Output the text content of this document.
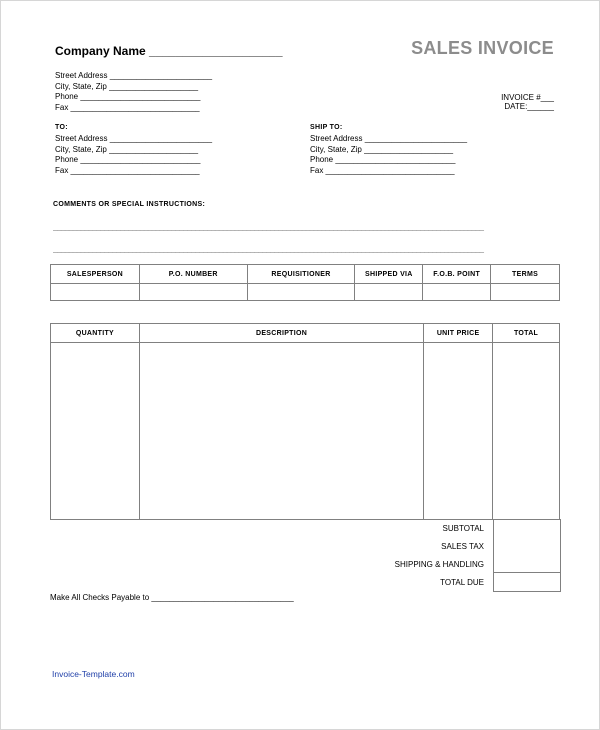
Company Name ____________________	SALES INVOICE
Street Address _______________________
City, State, Zip ____________________
Phone ___________________________
Fax _____________________________
INVOICE #___
DATE:______
TO:
Street Address _______________________
City, State, Zip ____________________
Phone ___________________________
Fax _____________________________
SHIP TO:
Street Address _______________________
City, State, Zip ____________________
Phone ___________________________
Fax _____________________________
COMMENTS OR SPECIAL INSTRUCTIONS:
_____________________________________________________________________________________________________________
_____________________________________________________________________________________________________________
SALESPERSON	P.O. NUMBER	REQUISITIONER	SHIPPED VIA	F.O.B. POINT	TERMS

QUANTITY	DESCRIPTION	UNIT PRICE	TOTAL

SUBTOTAL
SALES TAX
SHIPPING & HANDLING
TOTAL DUE
Make All Checks Payable to ________________________________
Invoice-Template.com
